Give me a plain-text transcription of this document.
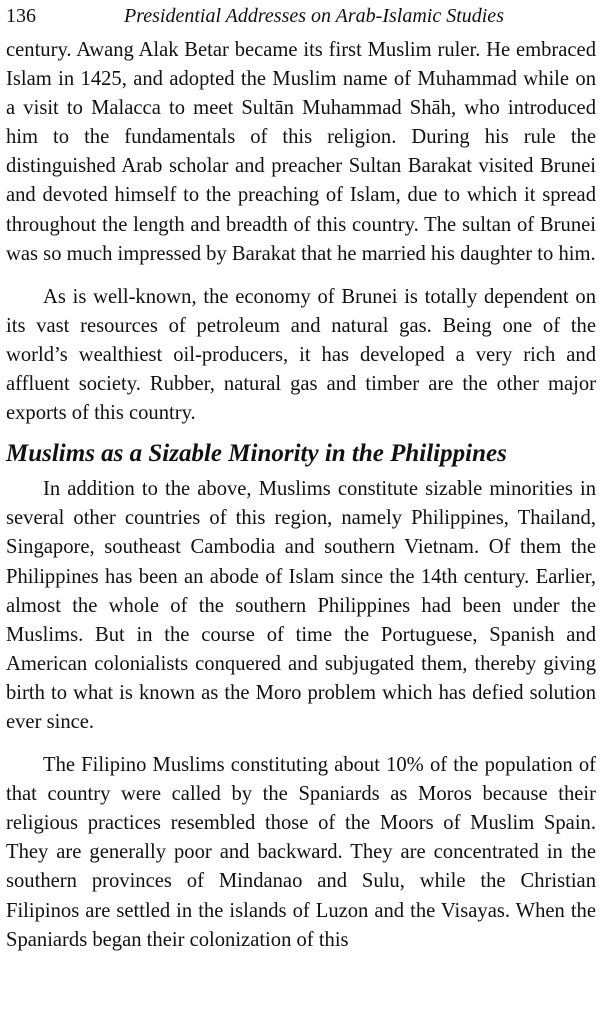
136	Presidential Addresses on Arab-Islamic Studies

century. Awang Alak Betar became its first Muslim ruler. He embraced Islam in 1425, and adopted the Muslim name of Muhammad while on a visit to Malacca to meet Sultān Muhammad Shāh, who introduced him to the fundamentals of this religion. During his rule the distinguished Arab scholar and preacher Sultan Barakat visited Brunei and devoted himself to the preaching of Islam, due to which it spread throughout the length and breadth of this country. The sultan of Brunei was so much impressed by Barakat that he married his daughter to him.

As is well-known, the economy of Brunei is totally dependent on its vast resources of petroleum and natural gas. Being one of the world’s wealthiest oil-producers, it has developed a very rich and affluent society. Rubber, natural gas and timber are the other major exports of this country.

Muslims as a Sizable Minority in the Philippines

In addition to the above, Muslims constitute sizable minorities in several other countries of this region, namely Philippines, Thailand, Singapore, southeast Cambodia and southern Vietnam. Of them the Philippines has been an abode of Islam since the 14th century. Earlier, almost the whole of the southern Philippines had been under the Muslims. But in the course of time the Portuguese, Spanish and American colonialists conquered and subjugated them, thereby giving birth to what is known as the Moro problem which has defied solution ever since.

The Filipino Muslims constituting about 10% of the population of that country were called by the Spaniards as Moros because their religious practices resembled those of the Moors of Muslim Spain. They are generally poor and backward. They are concentrated in the southern provinces of Mindanao and Sulu, while the Christian Filipinos are settled in the islands of Luzon and the Visayas. When the Spaniards began their colonization of this
